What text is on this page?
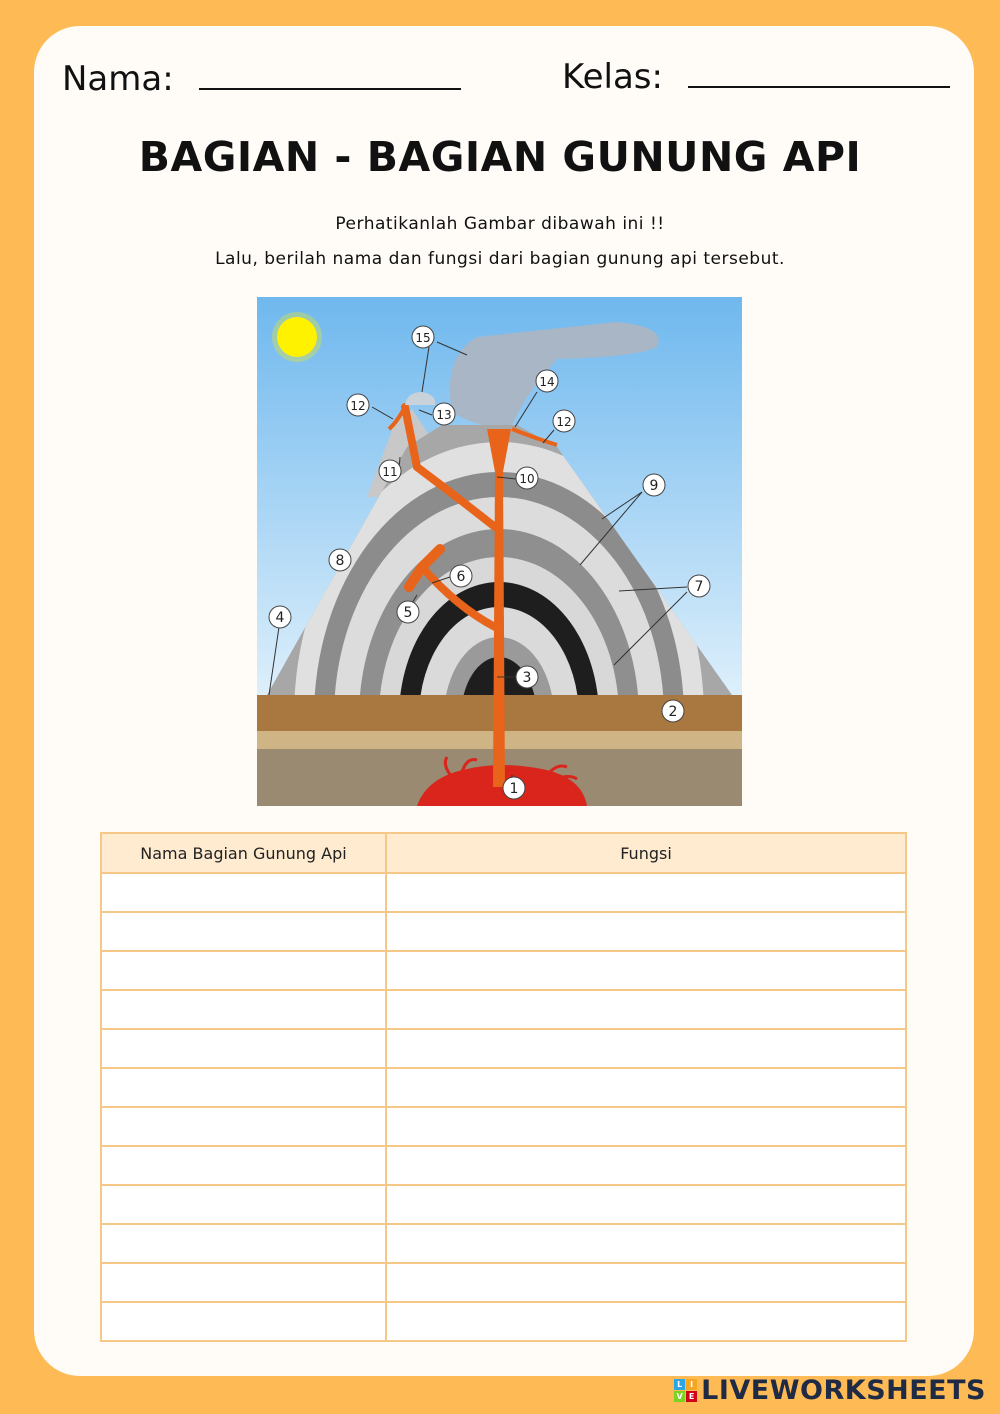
Nama:	Kelas:
BAGIAN - BAGIAN GUNUNG API
Perhatikanlah Gambar dibawah ini !!
Lalu, berilah nama dan fungsi dari bagian gunung api tersebut.
1
2
3
4	5
6
7
8
9
10
11
12
12
13
14
15
Nama Bagian Gunung Api	Fungsi

L I
V E LIVEWORKSHEETS
